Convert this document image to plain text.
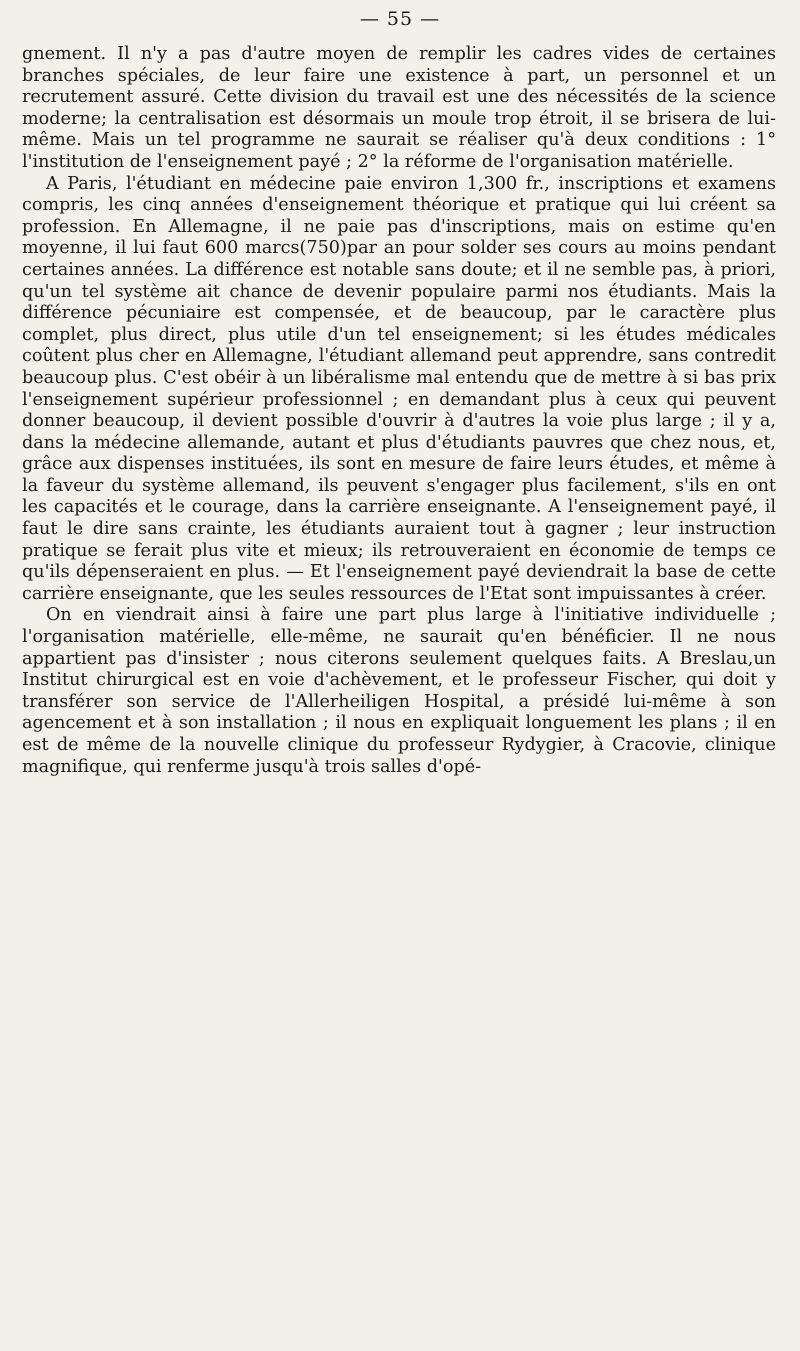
— 55 —

gnement. Il n'y a pas d'autre moyen de remplir les cadres vides de certaines branches spéciales, de leur faire une existence à part, un personnel et un recrutement assuré. Cette division du travail est une des nécessités de la science moderne; la centralisation est désormais un moule trop étroit, il se brisera de lui-même. Mais un tel programme ne saurait se réaliser qu'à deux conditions : 1° l'institution de l'enseignement payé ; 2° la réforme de l'organisation matérielle.

A Paris, l'étudiant en médecine paie environ 1,300 fr., inscriptions et examens compris, les cinq années d'enseignement théorique et pratique qui lui créent sa profession. En Allemagne, il ne paie pas d'inscriptions, mais on estime qu'en moyenne, il lui faut 600 marcs(750)par an pour solder ses cours au moins pendant certaines années. La différence est notable sans doute; et il ne semble pas, à priori, qu'un tel système ait chance de devenir populaire parmi nos étudiants. Mais la différence pécuniaire est compensée, et de beaucoup, par le caractère plus complet, plus direct, plus utile d'un tel enseignement; si les études médicales coûtent plus cher en Allemagne, l'étudiant allemand peut apprendre, sans contredit beaucoup plus. C'est obéir à un libéralisme mal entendu que de mettre à si bas prix l'enseignement supérieur professionnel ; en demandant plus à ceux qui peuvent donner beaucoup, il devient possible d'ouvrir à d'autres la voie plus large ; il y a, dans la médecine allemande, autant et plus d'étudiants pauvres que chez nous, et, grâce aux dispenses instituées, ils sont en mesure de faire leurs études, et même à la faveur du système allemand, ils peuvent s'engager plus facilement, s'ils en ont les capacités et le courage, dans la carrière enseignante. A l'enseignement payé, il faut le dire sans crainte, les étudiants auraient tout à gagner ; leur instruction pratique se ferait plus vite et mieux; ils retrouveraient en économie de temps ce qu'ils dépenseraient en plus. — Et l'enseignement payé deviendrait la base de cette carrière enseignante, que les seules ressources de l'Etat sont impuissantes à créer.

On en viendrait ainsi à faire une part plus large à l'initiative individuelle ; l'organisation matérielle, elle-même, ne saurait qu'en bénéficier. Il ne nous appartient pas d'insister ; nous citerons seulement quelques faits. A Breslau,un Institut chirurgical est en voie d'achèvement, et le professeur Fischer, qui doit y transférer son service de l'Allerheiligen Hospital, a présidé lui-même à son agencement et à son installation ; il nous en expliquait longuement les plans ; il en est de même de la nouvelle clinique du professeur Rydygier, à Cracovie, clinique magnifique, qui renferme jusqu'à trois salles d'opé-
